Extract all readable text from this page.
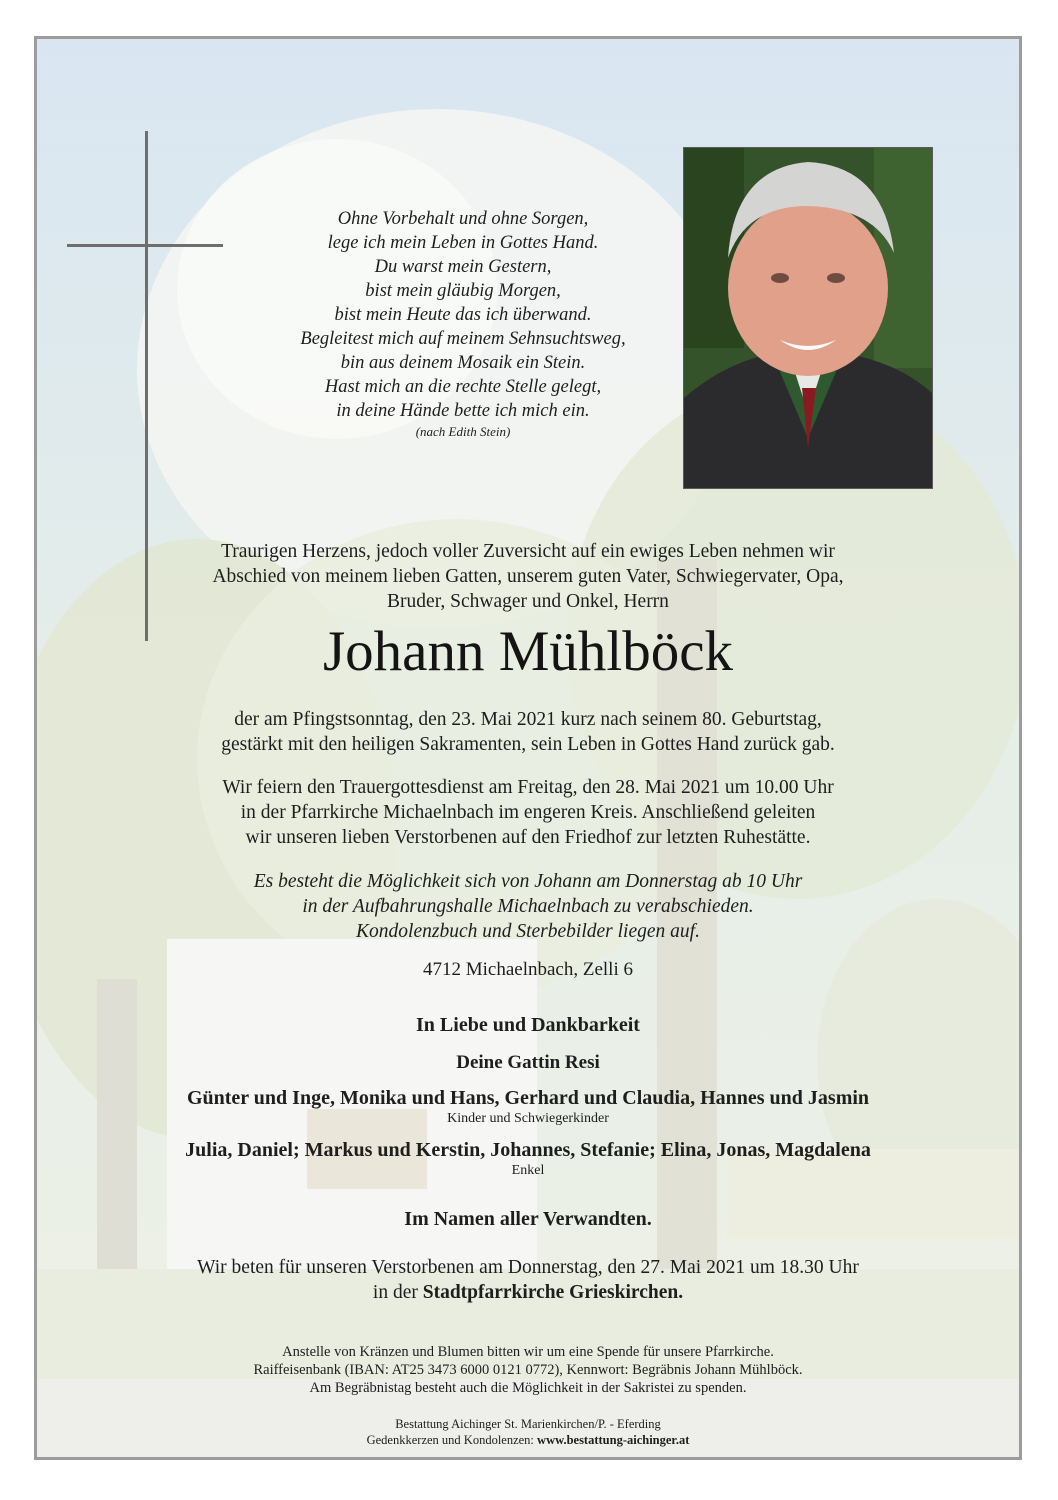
Ohne Vorbehalt und ohne Sorgen,
lege ich mein Leben in Gottes Hand.
Du warst mein Gestern,
bist mein gläubig Morgen,
bist mein Heute das ich überwand.
Begleitest mich auf meinem Sehnsuchtsweg,
bin aus deinem Mosaik ein Stein.
Hast mich an die rechte Stelle gelegt,
in deine Hände bette ich mich ein.
(nach Edith Stein)
Traurigen Herzens, jedoch voller Zuversicht auf ein ewiges Leben nehmen wir
Abschied von meinem lieben Gatten, unserem guten Vater, Schwiegervater, Opa,
Bruder, Schwager und Onkel, Herrn
Johann Mühlböck
der am Pfingstsonntag, den 23. Mai 2021 kurz nach seinem 80. Geburtstag,
gestärkt mit den heiligen Sakramenten, sein Leben in Gottes Hand zurück gab.
Wir feiern den Trauergottesdienst am Freitag, den 28. Mai 2021 um 10.00 Uhr
in der Pfarrkirche Michaelnbach im engeren Kreis. Anschließend geleiten
wir unseren lieben Verstorbenen auf den Friedhof zur letzten Ruhestätte.
Es besteht die Möglichkeit sich von Johann am Donnerstag ab 10 Uhr
in der Aufbahrungshalle Michaelnbach zu verabschieden.
Kondolenzbuch und Sterbebilder liegen auf.
4712 Michaelnbach, Zelli 6
In Liebe und Dankbarkeit
Deine Gattin Resi
Günter und Inge, Monika und Hans, Gerhard und Claudia, Hannes und Jasmin
Kinder und Schwiegerkinder
Julia, Daniel; Markus und Kerstin, Johannes, Stefanie; Elina, Jonas, Magdalena
Enkel
Im Namen aller Verwandten.
Wir beten für unseren Verstorbenen am Donnerstag, den 27. Mai 2021 um 18.30 Uhr
in der Stadtpfarrkirche Grieskirchen.
Anstelle von Kränzen und Blumen bitten wir um eine Spende für unsere Pfarrkirche.
Raiffeisenbank (IBAN: AT25 3473 6000 0121 0772), Kennwort: Begräbnis Johann Mühlböck.
Am Begräbnistag besteht auch die Möglichkeit in der Sakristei zu spenden.
Bestattung Aichinger St. Marienkirchen/P. - Eferding
Gedenkkerzen und Kondolenzen: www.bestattung-aichinger.at
